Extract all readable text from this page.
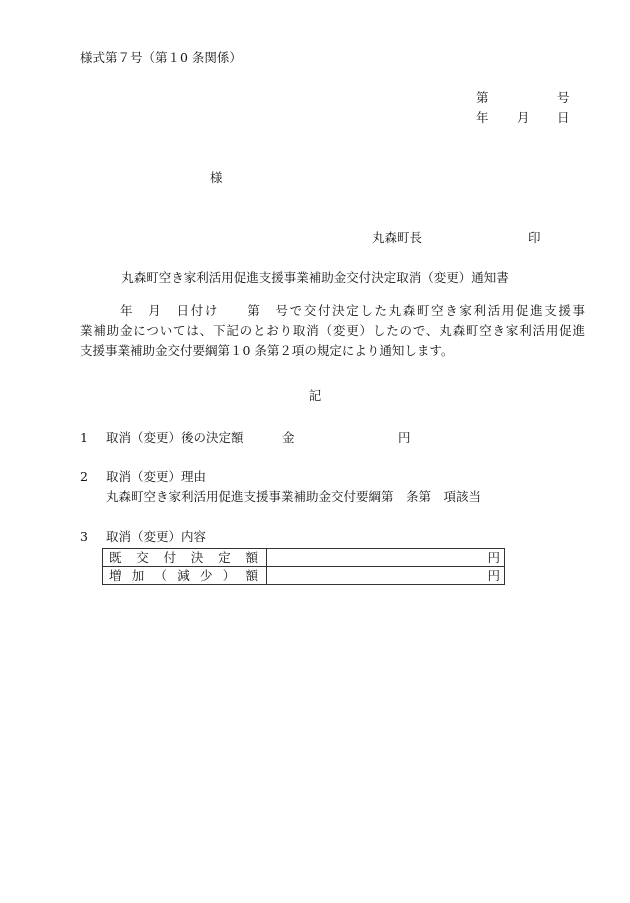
様式第７号（第１0 条関係）
第	号
年 月 日
様
丸森町長	印
丸森町空き家利活用促進支援事業補助金交付決定取消（変更）通知書
年　月　日付け　　第　号で交付決定した丸森町空き家利活用促進支援事
業補助金については、下記のとおり取消（変更）したので、丸森町空き家利活用促進
支援事業補助金交付要綱第１0 条第２項の規定により通知します。
記
1 取消（変更）後の決定額	金	円
2 取消（変更）理由
丸森町空き家利活用促進支援事業補助金交付要綱第　条第　項該当
3 取消（変更）内容
既交付決定額	円
増加（減少）額	円
